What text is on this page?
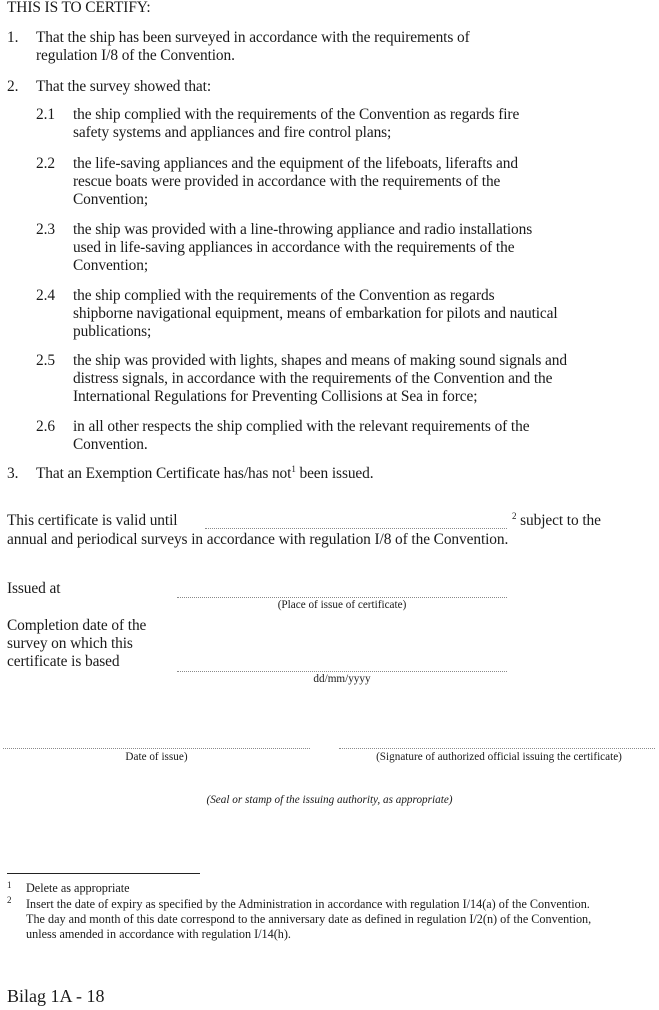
THIS IS TO CERTIFY:
1. That the ship has been surveyed in accordance with the requirements of
regulation I/8 of the Convention.
2. That the survey showed that:
2.1 the ship complied with the requirements of the Convention as regards fire
safety systems and appliances and fire control plans;
2.2 the life-saving appliances and the equipment of the lifeboats, liferafts and
rescue boats were provided in accordance with the requirements of the
Convention;
2.3 the ship was provided with a line-throwing appliance and radio installations
used in life-saving appliances in accordance with the requirements of the
Convention;
2.4 the ship complied with the requirements of the Convention as regards
shipborne navigational equipment, means of embarkation for pilots and nautical
publications;
2.5 the ship was provided with lights, shapes and means of making sound signals and
distress signals, in accordance with the requirements of the Convention and the
International Regulations for Preventing Collisions at Sea in force;
2.6 in all other respects the ship complied with the relevant requirements of the
Convention.
3. That an Exemption Certificate has/has not$^1$ been issued.
This certificate is valid until	$^2$ subject to the
annual and periodical surveys in accordance with regulation I/8 of the Convention.
Issued at
(Place of issue of certificate)
Completion date of the
survey on which this
certificate is based
dd/mm/yyyy
Date of issue)	(Signature of authorized official issuing the certificate)
(Seal or stamp of the issuing authority, as appropriate)
1 Delete as appropriate
2 Insert the date of expiry as specified by the Administration in accordance with regulation I/14(a) of the Convention.
The day and month of this date correspond to the anniversary date as defined in regulation I/2(n) of the Convention,
unless amended in accordance with regulation I/14(h).
Bilag 1A - 18
